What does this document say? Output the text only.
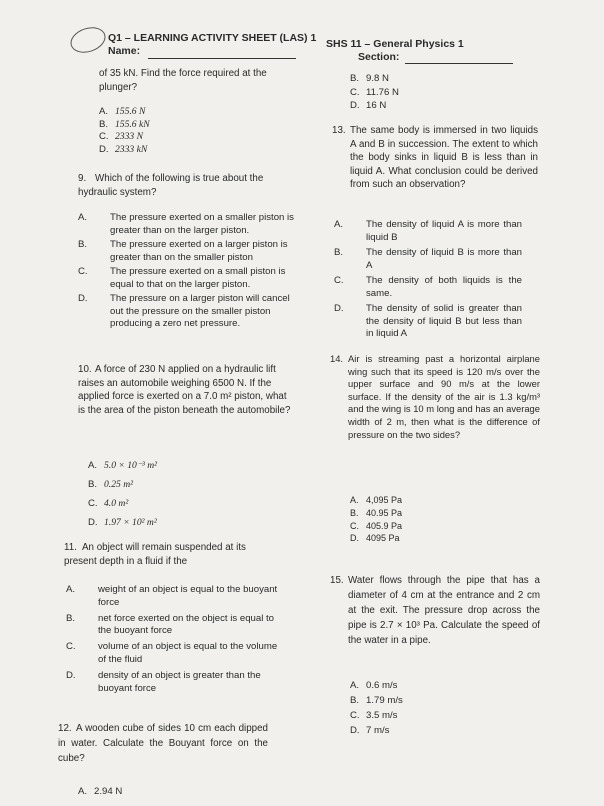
Q1 – LEARNING ACTIVITY SHEET (LAS) 1
Name:
SHS 11 – General Physics 1
Section:
of 35 kN. Find the force required at the plunger?
A. 155.6 N
B. 155.6 kN
C. 2333 N
D. 2333 kN
9. Which of the following is true about the hydraulic system?
A. The pressure exerted on a smaller piston is greater than on the larger piston.
B. The pressure exerted on a larger piston is greater than on the smaller piston
C. The pressure exerted on a small piston is equal to that on the larger piston.
D. The pressure on a larger piston will cancel out the pressure on the smaller piston producing a zero net pressure.
10. A force of 230 N applied on a hydraulic lift raises an automobile weighing 6500 N. If the applied force is exerted on a 7.0 m² piston, what is the area of the piston beneath the automobile?
A. 5.0 × 10⁻³ m²
B. 0.25 m²
C. 4.0 m²
D. 1.97 × 10² m²
11. An object will remain suspended at its present depth in a fluid if the
A. weight of an object is equal to the buoyant force
B. net force exerted on the object is equal to the buoyant force
C. volume of an object is equal to the volume of the fluid
D. density of an object is greater than the buoyant force
12. A wooden cube of sides 10 cm each dipped in water. Calculate the Bouyant force on the cube?
A. 2.94 N
B. 9.8 N
C. 11.76 N
D. 16 N
13. The same body is immersed in two liquids A and B in succession. The extent to which the body sinks in liquid B is less than in liquid A. What conclusion could be derived from such an observation?
A. The density of liquid A is more than liquid B
B. The density of liquid B is more than A
C. The density of both liquids is the same.
D. The density of solid is greater than the density of liquid B but less than in liquid A
14. Air is streaming past a horizontal airplane wing such that its speed is 120 m/s over the upper surface and 90 m/s at the lower surface. If the density of the air is 1.3 kg/m³ and the wing is 10 m long and has an average width of 2 m, then what is the difference of pressure on the two sides?
A. 4,095 Pa
B. 40.95 Pa
C. 405.9 Pa
D. 4095 Pa
15. Water flows through the pipe that has a diameter of 4 cm at the entrance and 2 cm at the exit. The pressure drop across the pipe is 2.7 × 10³ Pa. Calculate the speed of the water in a pipe.
A. 0.6 m/s
B. 1.79 m/s
C. 3.5 m/s
D. 7 m/s
